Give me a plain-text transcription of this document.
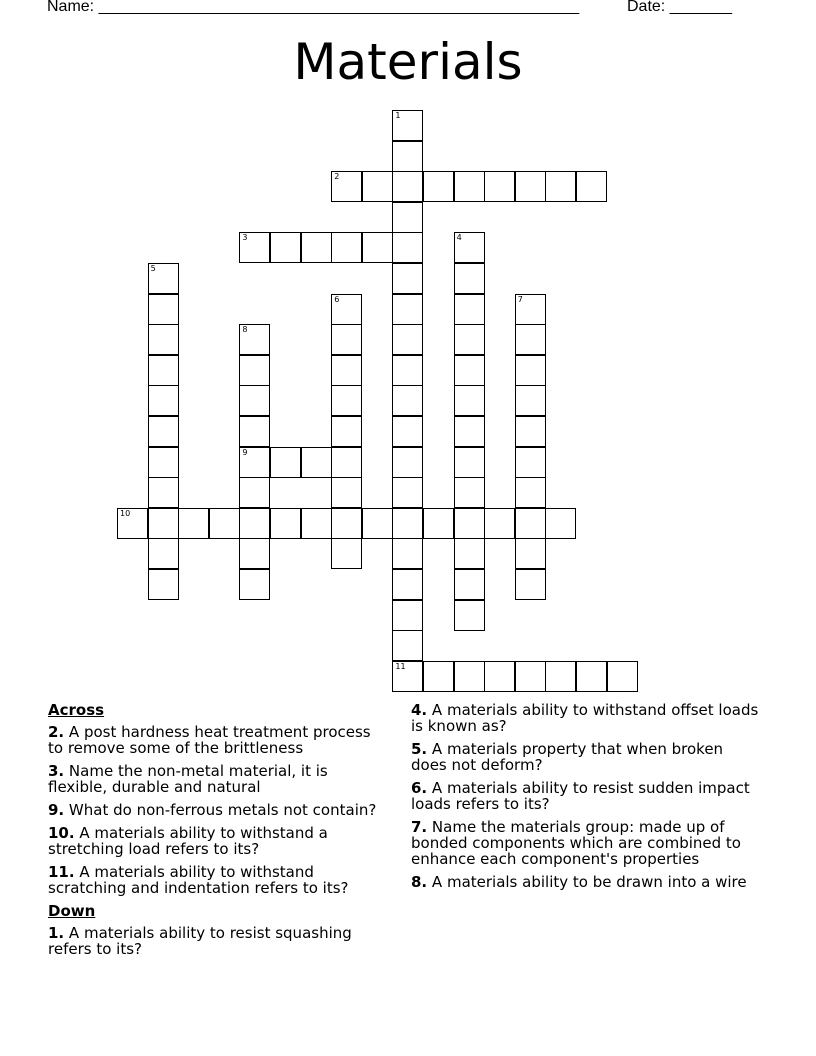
Name: ______________________________________________________	Date: _______
Materials
1
11
2
3	4
5
6	7
8
9
10
Across
2. A post hardness heat treatment process to remove some of the brittleness
3. Name the non-metal material, it is flexible, durable and natural
9. What do non-ferrous metals not contain?
10. A materials ability to withstand a stretching load refers to its?
11. A materials ability to withstand scratching and indentation refers to its?
Down
1. A materials ability to resist squashing refers to its?
4. A materials ability to withstand offset loads is known as?
5. A materials property that when broken does not deform?
6. A materials ability to resist sudden impact loads refers to its?
7. Name the materials group: made up of bonded components which are combined to enhance each component's properties
8. A materials ability to be drawn into a wire
